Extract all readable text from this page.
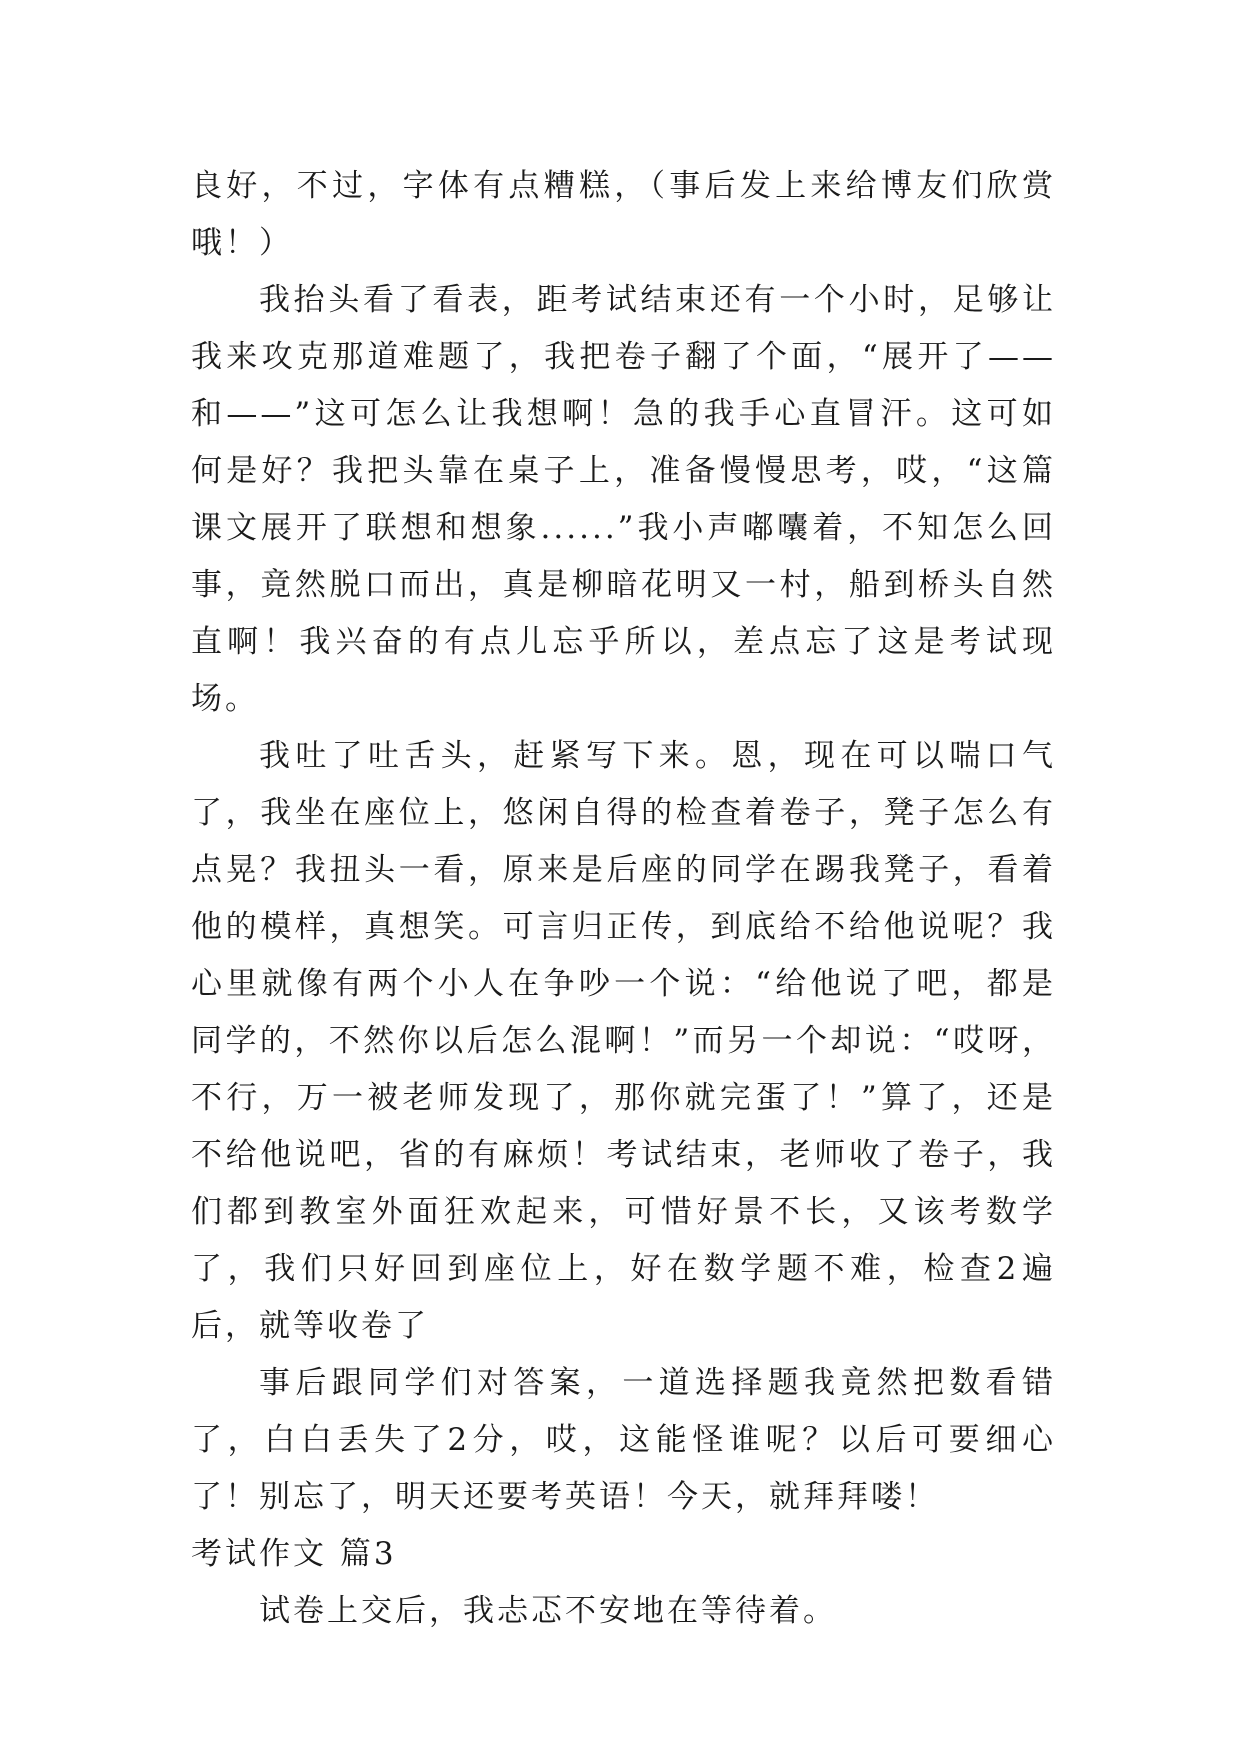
良好，不过，字体有点糟糕，（事后发上来给博友们欣赏哦！）

我抬头看了看表，距考试结束还有一个小时，足够让我来攻克那道难题了，我把卷子翻了个面，“展开了——和——”这可怎么让我想啊！急的我手心直冒汗。这可如何是好？我把头靠在桌子上，准备慢慢思考，哎，“这篇课文展开了联想和想象......”我小声嘟囔着，不知怎么回事，竟然脱口而出，真是柳暗花明又一村，船到桥头自然直啊！我兴奋的有点儿忘乎所以，差点忘了这是考试现场。

我吐了吐舌头，赶紧写下来。恩，现在可以喘口气了，我坐在座位上，悠闲自得的检查着卷子，凳子怎么有点晃？我扭头一看，原来是后座的同学在踢我凳子，看着他的模样，真想笑。可言归正传，到底给不给他说呢？我心里就像有两个小人在争吵一个说：“给他说了吧，都是同学的，不然你以后怎么混啊！”而另一个却说：“哎呀，不行，万一被老师发现了，那你就完蛋了！”算了，还是不给他说吧，省的有麻烦！考试结束，老师收了卷子，我们都到教室外面狂欢起来，可惜好景不长，又该考数学了，我们只好回到座位上，好在数学题不难，检查2遍后，就等收卷了

事后跟同学们对答案，一道选择题我竟然把数看错了，白白丢失了2分，哎，这能怪谁呢？以后可要细心了！别忘了，明天还要考英语！今天，就拜拜喽！

考试作文 篇3

试卷上交后，我忐忑不安地在等待着。
